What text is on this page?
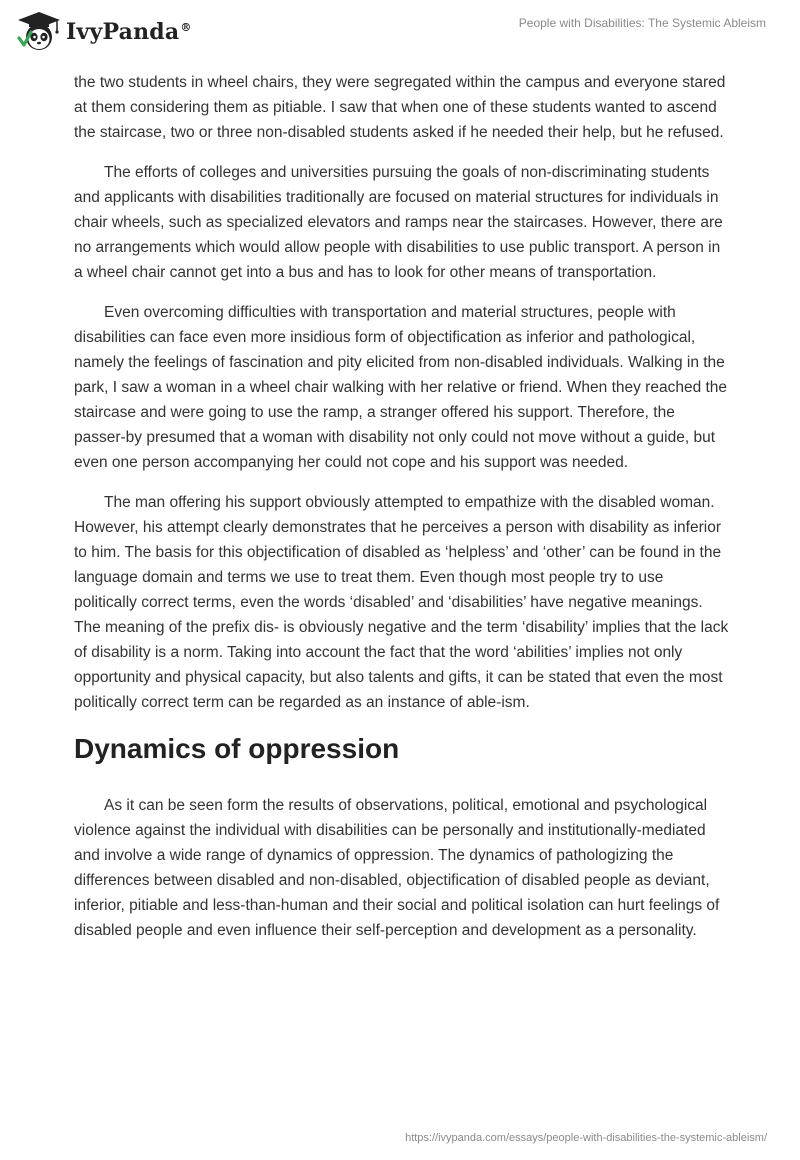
IvyPanda®	People with Disabilities: The Systemic Ableism

the two students in wheel chairs, they were segregated within the campus and everyone stared at them considering them as pitiable. I saw that when one of these students wanted to ascend the staircase, two or three non-disabled students asked if he needed their help, but he refused.

The efforts of colleges and universities pursuing the goals of non-discriminating students and applicants with disabilities traditionally are focused on material structures for individuals in chair wheels, such as specialized elevators and ramps near the staircases. However, there are no arrangements which would allow people with disabilities to use public transport. A person in a wheel chair cannot get into a bus and has to look for other means of transportation.

Even overcoming difficulties with transportation and material structures, people with disabilities can face even more insidious form of objectification as inferior and pathological, namely the feelings of fascination and pity elicited from non-disabled individuals. Walking in the park, I saw a woman in a wheel chair walking with her relative or friend. When they reached the staircase and were going to use the ramp, a stranger offered his support. Therefore, the passer-by presumed that a woman with disability not only could not move without a guide, but even one person accompanying her could not cope and his support was needed.

The man offering his support obviously attempted to empathize with the disabled woman. However, his attempt clearly demonstrates that he perceives a person with disability as inferior to him. The basis for this objectification of disabled as ‘helpless’ and ‘other’ can be found in the language domain and terms we use to treat them. Even though most people try to use politically correct terms, even the words ‘disabled’ and ‘disabilities’ have negative meanings. The meaning of the prefix dis- is obviously negative and the term ‘disability’ implies that the lack of disability is a norm. Taking into account the fact that the word ‘abilities’ implies not only opportunity and physical capacity, but also talents and gifts, it can be stated that even the most politically correct term can be regarded as an instance of able-ism.

Dynamics of oppression

As it can be seen form the results of observations, political, emotional and psychological violence against the individual with disabilities can be personally and institutionally-mediated and involve a wide range of dynamics of oppression. The dynamics of pathologizing the differences between disabled and non-disabled, objectification of disabled people as deviant, inferior, pitiable and less-than-human and their social and political isolation can hurt feelings of disabled people and even influence their self-perception and development as a personality.

https://ivypanda.com/essays/people-with-disabilities-the-systemic-ableism/
